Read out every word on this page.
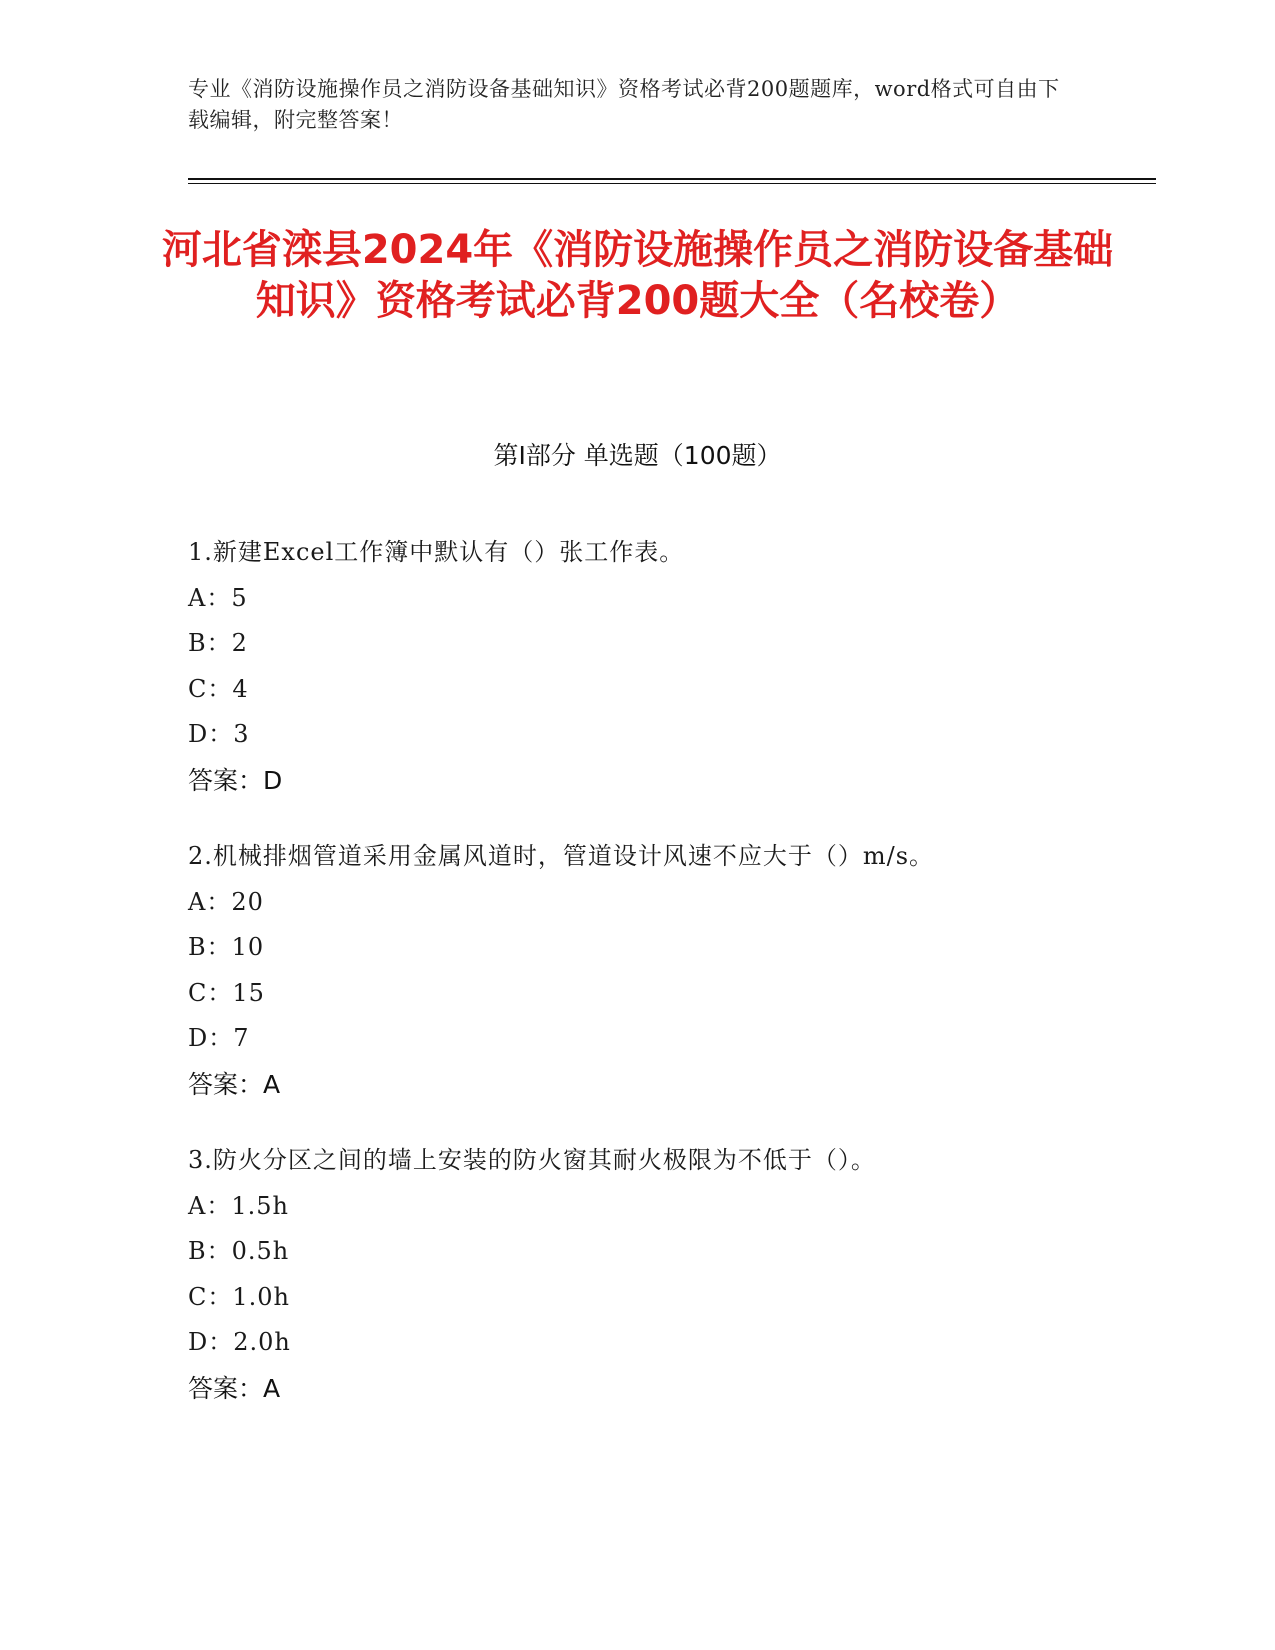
专业《消防设施操作员之消防设备基础知识》资格考试必背200题题库，word格式可自由下载编辑，附完整答案！
河北省滦县2024年《消防设施操作员之消防设备基础知识》资格考试必背200题大全（名校卷）
第I部分 单选题（100题）
1.新建Excel工作簿中默认有（）张工作表。
A：5
B：2
C：4
D：3
答案：D
2.机械排烟管道采用金属风道时，管道设计风速不应大于（）m/s。
A：20
B：10
C：15
D：7
答案：A
3.防火分区之间的墙上安装的防火窗其耐火极限为不低于（）。
A：1.5h
B：0.5h
C：1.0h
D：2.0h
答案：A
